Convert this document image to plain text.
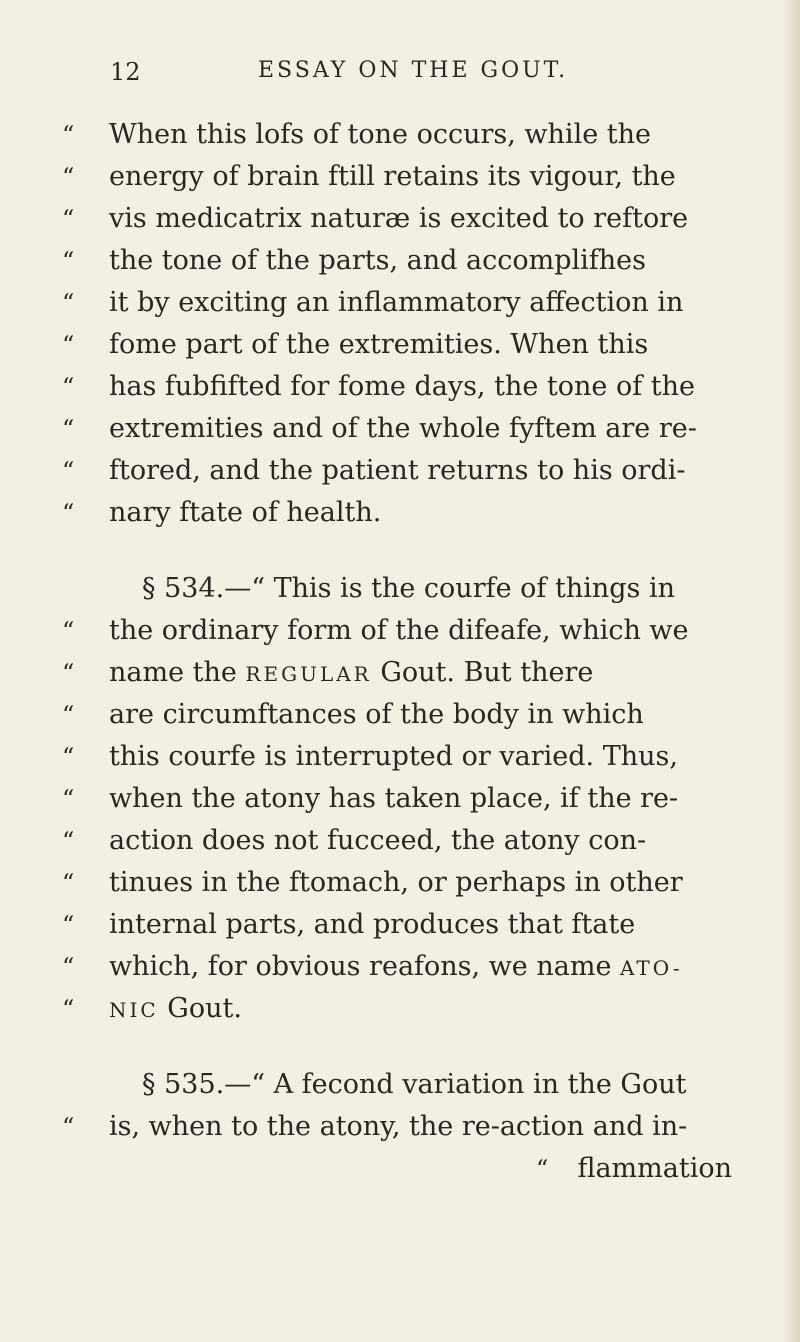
12	ESSAY ON THE GOUT.
“	When this lofs of tone occurs, while the
“	energy of brain ftill retains its vigour, the
“	vis medicatrix naturæ is excited to reftore
“	the tone of the parts, and accomplifhes
“	it by exciting an inflammatory affection in
“	fome part of the extremities. When this
“	has fubfifted for fome days, the tone of the
“	extremities and of the whole fyftem are re-
“	ftored, and the patient returns to his ordi-
“	nary ftate of health.
§ 534.—“ This is the courfe of things in
“	the ordinary form of the difeafe, which we
“	name the REGULAR Gout. But there
“	are circumftances of the body in which
“	this courfe is interrupted or varied. Thus,
“	when the atony has taken place, if the re-
“	action does not fucceed, the atony con-
“	tinues in the ftomach, or perhaps in other
“	internal parts, and produces that ftate
“	which, for obvious reafons, we name ATO-
“	NIC Gout.
§ 535.—“ A fecond variation in the Gout
“	is, when to the atony, the re-action and in-
“	flammation
